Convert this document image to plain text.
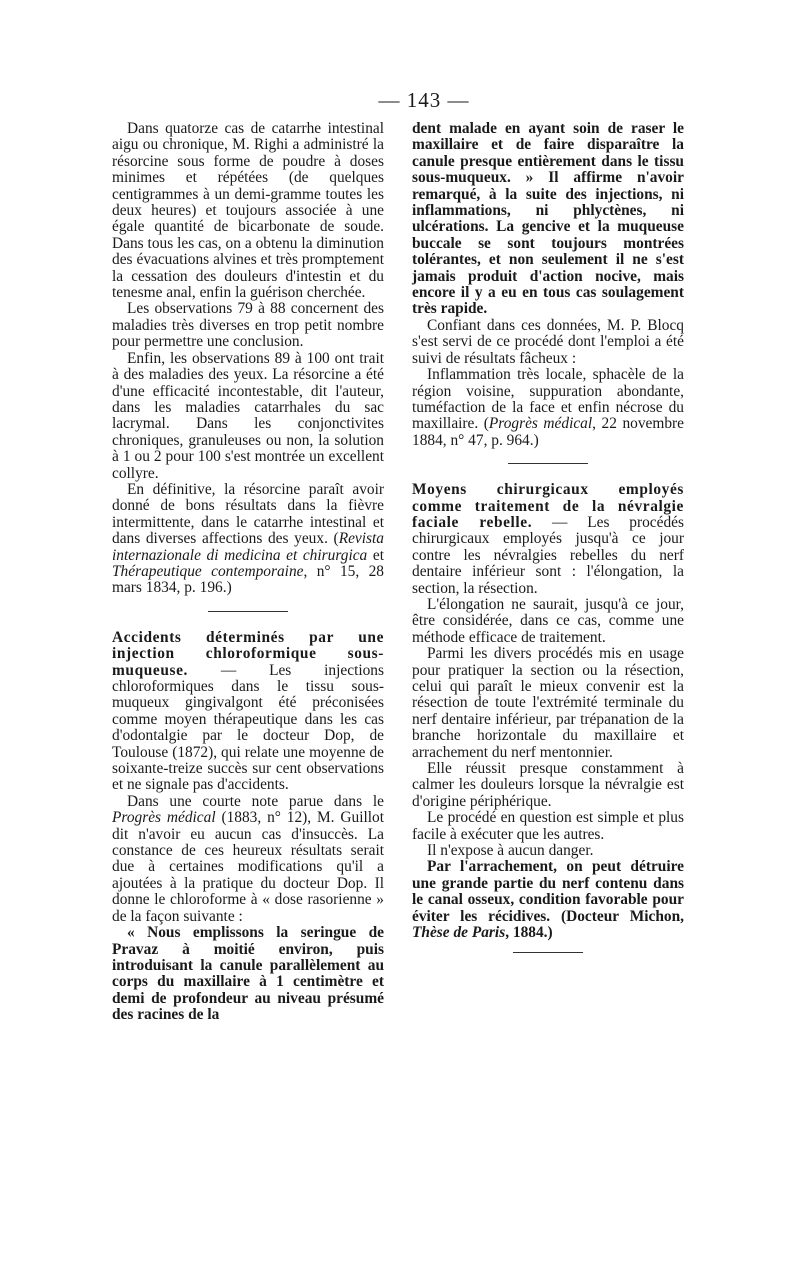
— 143 —

Dans quatorze cas de catarrhe intestinal aigu ou chronique, M. Righi a administré la résorcine sous forme de poudre à doses minimes et répétées (de quelques centigrammes à un demi-gramme toutes les deux heures) et toujours associée à une égale quantité de bicarbonate de soude. Dans tous les cas, on a obtenu la diminution des évacuations alvines et très promptement la cessation des douleurs d'intestin et du tenesme anal, enfin la guérison cherchée.

Les observations 79 à 88 concernent des maladies très diverses en trop petit nombre pour permettre une conclusion.

Enfin, les observations 89 à 100 ont trait à des maladies des yeux. La résorcine a été d'une efficacité incontestable, dit l'auteur, dans les maladies catarrhales du sac lacrymal. Dans les conjonctivites chroniques, granuleuses ou non, la solution à 1 ou 2 pour 100 s'est montrée un excellent collyre.

En définitive, la résorcine paraît avoir donné de bons résultats dans la fièvre intermittente, dans le catarrhe intestinal et dans diverses affections des yeux. (Revista internazionale di medicina et chirurgica et Thérapeutique contemporaine, n° 15, 28 mars 1834, p. 196.)

Accidents déterminés par une injection chloroformique sous-muqueuse. — Les injections chloroformiques dans le tissu sous-muqueux gingivalgont été préconisées comme moyen thérapeutique dans les cas d'odontalgie par le docteur Dop, de Toulouse (1872), qui relate une moyenne de soixante-treize succès sur cent observations et ne signale pas d'accidents.

Dans une courte note parue dans le Progrès médical (1883, n° 12), M. Guillot dit n'avoir eu aucun cas d'insuccès. La constance de ces heureux résultats serait due à certaines modifications qu'il a ajoutées à la pratique du docteur Dop. Il donne le chloroforme à « dose rasorienne » de la façon suivante :

« Nous emplissons la seringue de Pravaz à moitié environ, puis introduisant la canule parallèlement au corps du maxillaire à 1 centimètre et demi de profondeur au niveau présumé des racines de la

dent malade en ayant soin de raser le maxillaire et de faire disparaître la canule presque entièrement dans le tissu sous-muqueux. » Il affirme n'avoir remarqué, à la suite des injections, ni inflammations, ni phlyctènes, ni ulcérations. La gencive et la muqueuse buccale se sont toujours montrées tolérantes, et non seulement il ne s'est jamais produit d'action nocive, mais encore il y a eu en tous cas soulagement très rapide.

Confiant dans ces données, M. P. Blocq s'est servi de ce procédé dont l'emploi a été suivi de résultats fâcheux :

Inflammation très locale, sphacèle de la région voisine, suppuration abondante, tuméfaction de la face et enfin nécrose du maxillaire. (Progrès médical, 22 novembre 1884, n° 47, p. 964.)

Moyens chirurgicaux employés comme traitement de la névralgie faciale rebelle. — Les procédés chirurgicaux employés jusqu'à ce jour contre les névralgies rebelles du nerf dentaire inférieur sont : l'élongation, la section, la résection.

L'élongation ne saurait, jusqu'à ce jour, être considérée, dans ce cas, comme une méthode efficace de traitement.

Parmi les divers procédés mis en usage pour pratiquer la section ou la résection, celui qui paraît le mieux convenir est la résection de toute l'extrémité terminale du nerf dentaire inférieur, par trépanation de la branche horizontale du maxillaire et arrachement du nerf mentonnier.

Elle réussit presque constamment à calmer les douleurs lorsque la névralgie est d'origine périphérique.

Le procédé en question est simple et plus facile à exécuter que les autres.

Il n'expose à aucun danger.

Par l'arrachement, on peut détruire une grande partie du nerf contenu dans le canal osseux, condition favorable pour éviter les récidives. (Docteur Michon, Thèse de Paris, 1884.)
